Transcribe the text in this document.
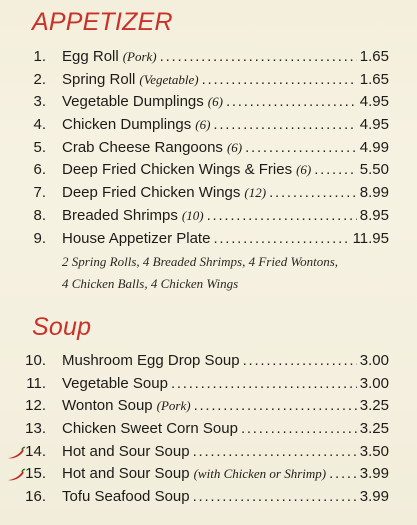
APPETIZER
1. Egg Roll (Pork) . . .	1.65
2. Spring Roll (Vegetable) . . .	1.65
3. Vegetable Dumplings (6) . . .	4.95
4. Chicken Dumplings (6) . . .	4.95
5. Crab Cheese Rangoons (6) . . .	4.99
6. Deep Fried Chicken Wings & Fries (6) . . .	5.50
7. Deep Fried Chicken Wings (12) . . .	8.99
8. Breaded Shrimps (10) . . .	8.95
9. House Appetizer Plate . . .	11.95
2 Spring Rolls, 4 Breaded Shrimps, 4 Fried Wontons,
4 Chicken Balls, 4 Chicken Wings
Soup
10. Mushroom Egg Drop Soup . . .	3.00
11. Vegetable Soup . . .	3.00
12. Wonton Soup (Pork) . . .	3.25
13. Chicken Sweet Corn Soup . . .	3.25
14. Hot and Sour Soup . . .	3.50
15. Hot and Sour Soup (with Chicken or Shrimp) . . . 3.99
16. Tofu Seafood Soup . . .	3.99
